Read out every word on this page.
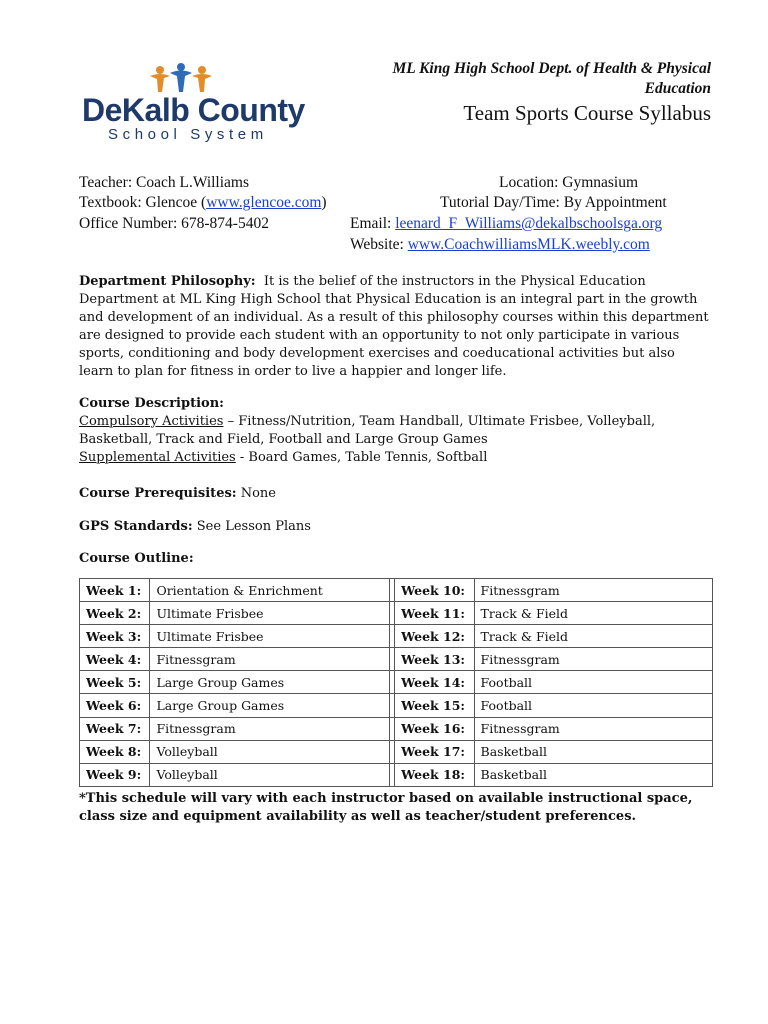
DeKalb County
School System
ML King High School Dept. of Health & Physical Education
Team Sports Course Syllabus
Teacher: Coach L.Williams	Location: Gymnasium
Textbook: Glencoe (www.glencoe.com)	Tutorial Day/Time: By Appointment
Office Number: 678-874-5402	Email: leenard_F_Williams@dekalbschoolsga.org
Website: www.CoachwilliamsMLK.weebly.com
Department Philosophy: It is the belief of the instructors in the Physical Education Department at ML King High School that Physical Education is an integral part in the growth and development of an individual. As a result of this philosophy courses within this department are designed to provide each student with an opportunity to not only participate in various sports, conditioning and body development exercises and coeducational activities but also learn to plan for fitness in order to live a happier and longer life.
Course Description:
Compulsory Activities – Fitness/Nutrition, Team Handball, Ultimate Frisbee, Volleyball, Basketball, Track and Field, Football and Large Group Games
Supplemental Activities - Board Games, Table Tennis, Softball
Course Prerequisites: None
GPS Standards: See Lesson Plans
Course Outline:
Week 1:	Orientation & Enrichment		Week 10:	Fitnessgram
Week 2:	Ultimate Frisbee		Week 11:	Track & Field
Week 3:	Ultimate Frisbee		Week 12:	Track & Field
Week 4:	Fitnessgram		Week 13:	Fitnessgram
Week 5:	Large Group Games		Week 14:	Football
Week 6:	Large Group Games		Week 15:	Football
Week 7:	Fitnessgram		Week 16:	Fitnessgram
Week 8:	Volleyball		Week 17:	Basketball
Week 9:	Volleyball		Week 18:	Basketball
*This schedule will vary with each instructor based on available instructional space, class size and equipment availability as well as teacher/student preferences.
